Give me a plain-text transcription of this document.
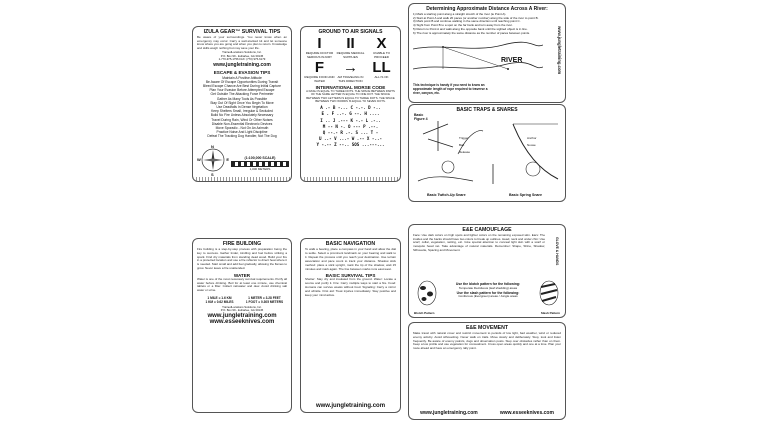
IZULA GEAR™ SURVIVAL TIPS
Be aware of your surroundings. You never know when an emergency may occur. Carry a well-stocked kit and let someone know where you are going and when you plan to return. Knowledge and skills weigh nothing but may save your life.
TrainedLocations Solutions, Inc.
P.O. Box 99 - Euharlee, GA 30145
1-770-975-1756 FAX: (770) 975-6179
www.jungletraining.com
ESCAPE & EVASION TIPS
Maintain A Positive Attitude
Be Aware Of Escape Opportunities During Transit
Bleed Escape Chance Are Best During Initial Capture
Plan Your Evasion Before Attempted Escape
Get Outside The Attacking Force Perimeter
Gather As Many Tools As Possible
Stay Out Of Sight Once You Begin To Move
Use Deadfalls In Dense Vegetation
Keep Shelters Small, Irregular & Secluded
Build No Fire Unless Absolutely Necessary
Travel During Rain, Wind Or Other Noises
Disable Non-Essential Electronic Devices
Move Sporadic - Not On An Azimuth
Practice Noise And Light Discipline
Defeat The Tracking Dog Handler, Not The Dog
N
E
S
W	(1:100,000 SCALE)
1,000 METERS
GROUND TO AIR SIGNALS
I
REQUIRE DOCTOR SERIOUS INJURY
II
REQUIRE MEDICAL SUPPLIES
X
UNABLE TO PROCEED
F
REQUIRE FOOD AND WATER
→
AM TRAVELING IN THIS DIRECTION
LL
ALL IS OK
INTERNATIONAL MORSE CODE
A DASH IS EQUAL TO THREE DOTS. THE SPACE BETWEEN PARTS OF THE SAME LETTER IS EQUAL TO ONE DOT. THE SPACE BETWEEN TWO LETTERS IS EQUAL TO THREE DOTS. THE SPACE BETWEEN TWO WORDS IS EQUAL TO SEVEN DOTS.
A .- B -... C -.-. D -..
E . F ..-. G --. H ....
I .. J .--- K -.- L .-..
M -- N -. O --- P .--.
Q --.- R .-. S ... T -
U ..- V ...- W .-- X -..-
Y -.-- Z --.. SOS ...---...
Determining Approximate Distance Across A River:
1) Mark a starting point along a straight stretch of the river (ie Point A).
2) Start at Point A and walk 20 paces (or another number) along the side of the river to point B.
3) Mark point B and continue walking in the same direction until reaching point C.
4) Sight from Point B to a spot on the far bank and turn away from the river.
5) Return to Point A and walk along the opposite bank until the sighted object is in line.
6) The river is approximately the same distance as the number of paces between points.
RIVER
This technique is handy if you need to know an approximate length of rope required to traverse a river, canyon, etc.
www.jungletraining.com
BASIC TRAPS & SNARES
Basic Figure 4
Trigger
Bait
Release
Anchor
Noose
Basic Twitch-Up Snare	Basic Spring Snare
FIRE BUILDING
Fire building is a step-by-step process with preparation being the key to success. Gather tinder, kindling and fuel before striking a spark. Find dry materials from standing dead wood. Build your fire in a protected location and use a fire reflector to direct heat where it is needed. Start small and add fuel gradually, allowing the flames to grow. Never leave a fire unattended.
WATER
Water is one of the most necessary survival requirements. Purify all water before drinking. Boil for at least one minute, use chemical tablets or a filter. Collect rainwater and dew. Avoid drinking salt water or urine.
1 MILE = 1.6 KM	1 METER = 3.28 FEET
1 KM = 0.62 MILES	1 FOOT = 0.305 METERS
TrainedLocations Solutions, Inc.
P.O. Box 99 - Euharlee, GA 30145
www.jungletraining.com
www.esseeknives.com
BASIC NAVIGATION
To walk a bearing, place a compass in your hand and allow the dial to settle. Select a prominent landmark on your bearing and walk to it. Repeat the process until you reach your destination. Use terrain association and pace count to track your distance. Shadow stick method: place a stick upright, mark the tip of the shadow, wait 15 minutes and mark again. The line between marks runs east-west.
BASIC SURVIVAL TIPS
Shelter: Stay dry and insulated from the ground. Water: Locate a source and purify it. Fire: Carry multiple ways to start a fire. Food: Humans can survive weeks without food. Signaling: Carry a mirror and whistle. First aid: Treat injuries immediately. Stay positive and keep your mind active.
www.jungletraining.com
E&E CAMOUFLAGE
Face: Use dark colors on high spots and lighter colors on the remaining exposed skin. Ears: The insides and the backs should have two colors to break up outlines. Head, neck and under chin: Use scarf, collar, vegetation, netting, etc. Give special attention to conceal light skin with a scarf or mosquito head net. Take advantage of natural materials. Remember: Shape, Shine, Shadow, Silhouette, Spacing and Movement.
Use the blotch pattern for the following:
Temperate Deciduous (leaf shedding) areas
Use the slash pattern for the following:
Coniferous (Evergreen) areas / Jungle areas
Blotch Pattern	Slash Pattern
GLOVE & HANDS
E&E MOVEMENT
Make travel with natural cover and restrict movement to periods of low light, bad weather, wind or reduced enemy activity. Avoid silhouetting. Never walk on trails. Move slowly and deliberately. Stop, look and listen frequently. Be aware of enemy patrols, dogs and observation posts. Step over obstacles rather than on them. Keep a low profile and use vegetation for concealment. Cross open areas quickly and one at a time. Plan your route ahead and have an emergency rally point.
www.jungletraining.com	www.esseeknives.com
